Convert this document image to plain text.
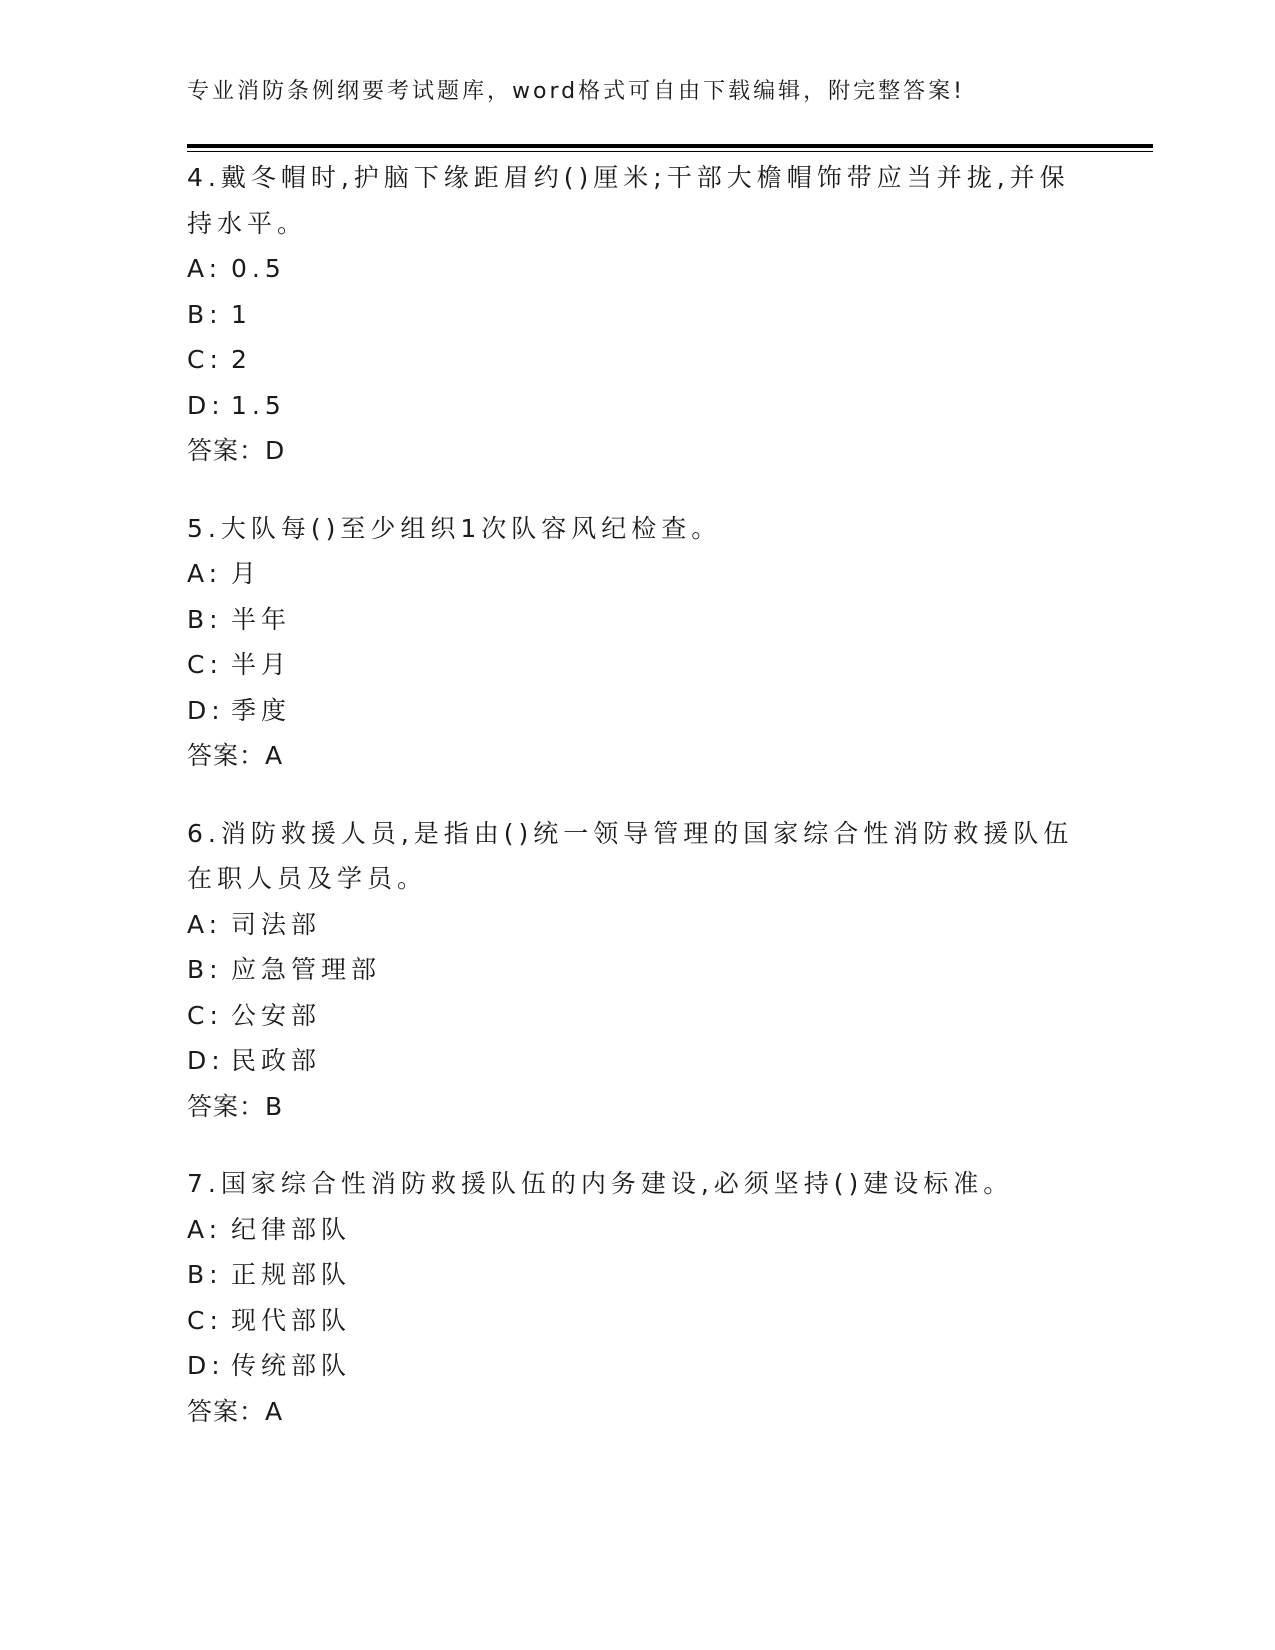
专业消防条例纲要考试题库，word格式可自由下载编辑，附完整答案!

4.戴冬帽时,护脑下缘距眉约()厘米;干部大檐帽饰带应当并拢,并保持水平。

A: 0.5

B: 1

C: 2

D: 1.5

答案：D

5.大队每()至少组织1次队容风纪检查。

A: 月

B: 半年

C: 半月

D: 季度

答案：A

6.消防救援人员,是指由()统一领导管理的国家综合性消防救援队伍在职人员及学员。

A: 司法部

B: 应急管理部

C: 公安部

D: 民政部

答案：B

7.国家综合性消防救援队伍的内务建设,必须坚持()建设标准。

A: 纪律部队

B: 正规部队

C: 现代部队

D: 传统部队

答案：A
